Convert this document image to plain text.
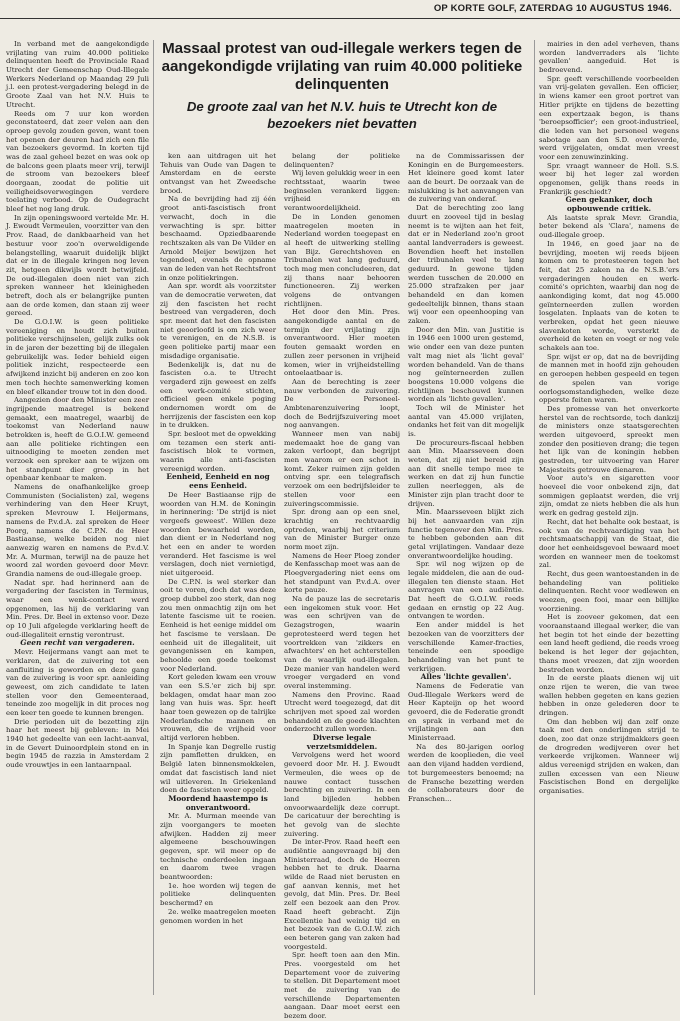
OP KORTE GOLF, ZATERDAG 10 AUGUSTUS 1946.

Massaal protest van oud-illegale werkers tegen de aangekondigde vrijlating van ruim 40.000 politieke delinquenten

De groote zaal van het N.V. huis te Utrecht kon de bezoekers niet bevatten

In verband met de aangekondigde vrijlating van ruim 40.000 politieke delinquenten heeft de Provinciale Raad Utrecht der Gemeenschap Oud-Illegale Werkers Nederland op Maandag 29 Juli j.l. een protest-vergadering belegd in de Groote Zaal van het N.V. Huis te Utrecht.

Reeds om 7 uur kon worden geconstateerd, dat zeer velen aan den oproep gevolg zouden geven, want toen het openen der deuren had zich een file van bezoekers gevormd. In korten tijd was de zaal geheel bezet en was ook op de balcons geen plaats meer vrij, terwijl de stroom van bezoekers bleef doorgaan, zoodat de politie uit veiligheidsoverwegingen verdere toelating verbood. Op de Oudegracht bleef het nog lang druk.

In zijn openingswoord vertelde Mr. H. J. Ewoudt Vermeulen, voorzitter van den Prov. Raad, de dankbaarheid van het bestuur voor zoo'n overweldigende belangstelling, waaruit duidelijk blijkt dat er in de illegale kringen nog leven zit, hetgeen dikwijls wordt betwijfeld. De oud-illegalen doen niet van zich spreken wanneer het kleinigheden betreft, doch als er belangrijke punten aan de orde komen, dan staan zij weer gereed.

De G.O.I.W. is geen politieke vereeniging en houdt zich buiten politieke verschijnselen, gelijk zulks ook in de jaren der bezetting bij de illegalen gebruikelijk was. Ieder behield eigen politiek inzicht, respecteerde een afwijkend inzicht bij anderen en zoo kon men toch hechte samenwerking komen en bleef elkander trouw tot in den dood.

Aangezien door den Minister een zeer ingrijpende maatregel is bekend gemaakt, een maatregel, waarbij de toekomst van Nederland nauw betrokken is, heeft de G.O.I.W. gemeend aan alle politieke richtingen een uitnoodiging te moeten zenden met verzoek een spreker aan te wijzen om het standpunt dier groep in het openbaar kenbaar te maken.

Namens de onafhankelijke groep Communisten (Socialisten) zal, wegens verhindering van den Heer Kruyt, spreken Mevrouw I. Heijermans, namens de P.v.d.A. zal spreken de Heer Poorg, namens de C.P.N. de Heer Bastiaanse, welke beiden nog niet aanwezig waren en namens de P.v.d.V. Mr. A. Murman, terwijl na de pauze het woord zal worden gevoerd door Mevr. Grandia namens de oud-illegale groep.

Nadat spr. had herinnerd aan de vergadering der fascisten in Terminus, waar een wenk-contact werd opgenomen, las hij de verklaring van Min. Pres. Dr. Beel in extenso voor. Deze op 10 Juli afgelegde verklaring heeft de oud-illegaliteit ernstig verontrust.

Geen recht van vergaderen.

Mevr. Heijermans vangt aan met te verklaren, dat de zuivering tot een aanfluiting is geworden en deze gang van de zuivering is voor spr. aanleiding geweest, om zich candidate te laten stellen voor den Gemeenteraad, teneinde zoo mogelijk in dit proces nog een keer ten goede te kunnen brengen.

Drie perioden uit de bezetting zijn haar het meest bij gebleven: in Mei 1940 het gedeelte van een lacht-aanval, in de Gevert Duinoordplein stond en in begin 1945 de razzia in Amsterdam 2 oude vrouwtjes in een lantaarnpaal.

ken aan uitdragen uit het Tehuis van Oude van Dagen te Amsterdam en de eerste ontvangst van het Zweedsche brood.

Na de bevrijding had zij één groot anti-fascistisch front verwacht, doch in die verwachting is spr. bitter beschaamd. Opziedbaarende rechtszaken als van De Vilder en Arnold Meijer bewijzen het tegendeel, evenals de opname van de leden van het Rechtsfront in onze politiekringen.

Aan spr. wordt als voorzitster van de democratie verweten, dat zij den fascisten het recht bestreed van vergaderen, doch spr. meent dat het den fascisten niet geoorloofd is om zich weer te verenigen, en de N.S.B. is geen politieke partij maar een misdadige organisatie.

Bedenkelijk is, dat nu de fascisten o.a. te Utrecht vergaderd zijn geweest en zelfs een werk-comité stichten, officieel geen enkele poging ondernomen wordt om de herrijzenis der fascisten een kop in te drukken.

Spr. besloot met de opwekking om tezamen een sterk anti-fascistisch blok te vormen, waarin alle anti-fascisten vereenigd worden.

Eenheid, Eenheid en nog eens Eenheid.

De Heer Bastiaanse rijp de woorden van H.M. de Koningin in herinnering: 'De strijd is niet vergeefs geweest'. Willen deze woorden bewaarheid worden, dan dient er in Nederland nog het een en ander te worden veranderd. Het fascisme is wel verslagen, doch niet vernietigd, niet uitgeroeid.

De C.P.N. is wel sterker dan ooit te voren, doch dat was deze groep dubbel zoo sterk, dan nog zou men onmachtig zijn om het latente fascisme uit te roeien. Eenheid is het eenige middel om het fascisme te verslaan. De eenheid uit de illegaliteit, uit gevangenissen en kampen, behoolde een goede toekomst voor Nederland.

Kort geleden kwam een vrouw van een S.S.'er zich bij spr. beklagen, omdat haar man zoo lang van huis was. Spr. heeft haar toen gewezen op de talrijke Nederlandsche mannen en vrouwen, die de vrijheid voor altijd verloren hebben.

In Spanje kan Degrelle rustig zijn pamfletten drukken, en België laten binnensmokkelen, omdat dat fascistisch land niet wil uitleveren. In Griekenland doen de fascisten weer opgeld.

Moordend haastempo is onverantwoord.

Mr. A. Murman meende van zijn voorgangers te moeten afwijken. Hadden zij meer algemeene beschouwingen gegeven, spr. wil meer op de technische onderdeelen ingaan en daarom twee vragen beantwoorden:

1e. hoe worden wij tegen de politieke delinquenten beschermd? en

2e. welke maatregelen moeten genomen worden in het

belang der politieke delinquenten?

Wij leven gelukkig weer in een rechtsstaat, waarin twee beginselen verankerd liggen: vrijheid en verantwoordelijkheid.

De in Londen genomen maatregelen moeten in Nederland worden toegepast en al heeft de uitwerking stelling van Bijz. Gerechtshoven en Tribunalen wat lang geduurd, toch mag men concludeeren, dat zij thans naar behooren functioneeren. Zij werken volgens de ontvangen richtlijnen.

Het door den Min. Pres. aangekondigde aantal en de termijn der vrijlating zijn onverantwoord. Hier moeten fouten gemaakt worden en zullen zeer personen in vrijheid komen, wier in vrijheidstelling ontoelaatbaar is.

Aan de berechting is zeer nauw verbonden de zuivering. De Personeel-Ambtenarenzuivering loopt, doch de Bedrijfszuivering moet nog aanvangen.

Wanneer men van nabij medemaakt hoe de gang van zaken verloopt, dan begrijpt men waarom er een schot in komt. Zeker ruimen zijn gelden ontving spr. een telegrafisch verzoek om een bedrijfsleider te stellen voor een zuiveringscommissie.

Spr. drong aan op een snel, krachtig en rechtvaardig optreden, waarbij het criterium van de Minister Burger onze norm moet zijn.

Namens de Heer Ploeg zonder de Kenfasschap moet was aan de Ploegvergadering niet eens om het standpunt van P.v.d.A. over korte pauze.

Na de pauze las de secretaris een ingekomen stuk voor. Het was een schrijven van de Gezagstrogen, waarin geprotesteerd werd tegen het voortrekken van 'zikkers en afwachters' en het achterstellen van de waarlijk oud-illegalen. Deze manier van handelen werd vroeger vergaderd en vond overal instemming.

Namens den Provinc. Raad Utrecht werd toegezegd, dat dit schrijven met spoed zal worden behandeld en de goede klachten onderzocht zullen worden.

Diverse legale verzetsmiddelen.

Vervolgens werd het woord gevoerd door Mr. H. J. Ewoudt Vermeulen, die wees op de nauwe contact tusschen berechting en zuivering. In een land bijleden hebben onvoorwaardelijk deze corrupt. De caricatuur der berechting is het gevolg van de slechte zuivering.

De inter-Prov. Raad heeft een audiëntie aangevraagd bij den Ministerraad, doch de Heeren hebben het te druk. Daarna wilde de Raad niet berusten en gaf aanvan kennis, met het gevolg, dat Min. Pres. Dr. Beel zelf een bezoek aan den Prov. Raad heeft gebracht. Zijn Excellentie had weinig tijd en het bezoek van de G.O.I.W. zich een beteren gang van zaken had voorgesteld.

Spr. heeft toen aan den Min. Pres. voorgesteld om het Departement voor de zuivering te stellen. Dit Departement moet met de zuivering van de verschillende Departementen aangaan. Daar moet eerst een bezem door.

na de Commissarissen der Koningin en de Burgemeesters. Het kleinere goed komt later aan de beurt. De oorzaak van de mislukking is het aanvangen van de zuivering van onderaf.

Dat de berechting zoo lang duurt en zooveel tijd in beslag neemt is te wijten aan het feit, dat er in Nederland zoo'n groot aantal landverraders is geweest. Bovendien heeft het instellen der tribunalen veel te lang geduurd. In gewone tijden werden tusschen de 20.000 en 25.000 strafzaken per jaar behandeld en dan komen gedeeltelijk binnen, thans staan wij voor een opeenhooping van zaken.

Door den Min. van Justitie is in 1946 een 1000 uren gestemd, wie onder een van deze punten valt mag niet als 'licht geval' worden behandeld. Van de thans nog geïnterneerden zullen boogstens 10.000 volgens die richtlijnen beschouwd kunnen worden als 'lichte gevallen'.

Toch wil de Minister het aantal van 45.000 vrijlaten, ondanks het feit van dit mogelijk is.

De procureurs-fiscaal hebben aan Min. Maarsseveen doen weten, dat zij niet bereid zijn aan dit snelle tempo mee te werken en dat zij hun functie zullen neerleggen, als de Minister zijn plan tracht door te drijven.

Min. Maarsseveen blijkt zich bij het aanvaarden van zijn functie tegenover den Min. Pres. te hebben gebonden aan dit getal vrijlatingen. Vandaar deze onverantwoordelijke houding.

Spr. wil nog wijzen op de legale middelen, die aan de oud-illegalen ten dienste staan. Het aanvragen van een audiëntie. Dat heeft de G.O.I.W. reeds gedaan en ernstig op 22 Aug. ontvangen te worden.

Een ander middel is het bezoeken van de voorzitters der verschillende Kamer-fracties, teneinde een spoedige behandeling van het punt te verkrijgen.

Alles 'lichte gevallen'.

Namens de Federatie van Oud-Illegale Werkers werd de Heer Kapteijn op het woord gevoerd, die de Federatie grondt en sprak in verband met de vrijlatingen aan den Ministerraad.

Na des 80-jarigen oorlog werden de kooplieden, die veel aan den vijand hadden verdiend, tot burgemeesters benoemd; na de Fransche bezetting werden de collaborateurs door de Franschen...

mairies in den adel verheven, thans worden landverraders als 'lichte gevallen' aangeduid. Het is bedroevend.

Spr. geeft verschillende voorbeelden van vrij-gelaten gevallen. Een officier, in wiens kamer een groot portret van Hitler prijkte en tijdens de bezetting een expertzaak begon, is thans 'beroepsofficier'; een groot-industrieel, die leden van het personeel wegens sabotage aan den S.D. overleverde, werd vrijgelaten, omdat men vreest voor een zenuwinzinking.

Spr. vraagt wanneer de Holl. S.S. weer bij het leger zal worden opgenomen, gelijk thans reeds in Frankrijk geschiedt?

Geen gekanker, doch opbouwende critiek.

Als laatste sprak Mevr. Grandia, beter bekend als 'Clara', namens de oud-illegale groep.

In 1946, en goed jaar na de bevrijding, moeten wij reeds bijeen komen om te protesteeren tegen het feit, dat 25 zaken na de N.S.B.'ers vergaderingen houden en werk-comité's oprichten, waarbij dan nog de aankondiging komt, dat nog 45.000 geïnterneerden zullen worden losgelaten. Inplaats van de koten te verbreken, opdat het geen nieuwe slavenkoten worde, versterkt de overheid de keten en voegt er nog vele schakels aan toe.

Spr. wijst er op, dat na de bevrijding de mannen met in hoofd zijn gehouden en geroepen hebben gespeeld en tegen de spelen van vorige oorlogsomstandigheden, welke deze opperste feiten waren.

Des promesse van het onverkorte herstel van de rechtsorde, toch dankzij de ministers onze staatsgerechten werden uitgevoerd, spreekt men zonder den positieven drang; die tegen het lijk van de koningin hebben gestreden, ter uitvoering van Harer Majesteits getrouwe dienaren.

Voor auto's en sigaretten voor hoeveel die voor onbekend zijn, dat sommigen geplaatst werden, die vrij zijn, omdat ze niets hebben die als hun werk en gedrag gesteld zijn.

Recht, dat het behalte ook bestaat, is ook van de rechtvaardiging van het rechtsmaatschappij van de Staat, die door het eenheidsgevoel bewaard moet worden en wanneer men de toekomst zal.

Recht, dus geen wantoestanden in de behandeling van politieke delinquenten. Recht voor wedlewen en weezen, geen fooi, maar een billijke voorziening.

Het is zooveer gekomen, dat een vooraanstaand illegaal werker, die van het begin tot het einde der bezetting een land heeft gediend, die reeds vroeg bekend is het leger der gejachten, thans moet vreezen, dat zijn woorden bestreden worden.

In de eerste plaats dienen wij uit onze rijen te weren, die van twee wallen hebben gegeten en kans gezien hebben in onze gelederen door te dringen.

Om dan hebben wij dan zelf onze taak met den onderlingen strijd te doen, zoo dat onze strijdmakkers geen de drogreden wedijveren over het verkeerde vrijkomen. Wanneer wij aldus vereenigd strijden en waken, dan zullen excessen van een Nieuw Fascistischen Bond en dergelijke organisaties.
